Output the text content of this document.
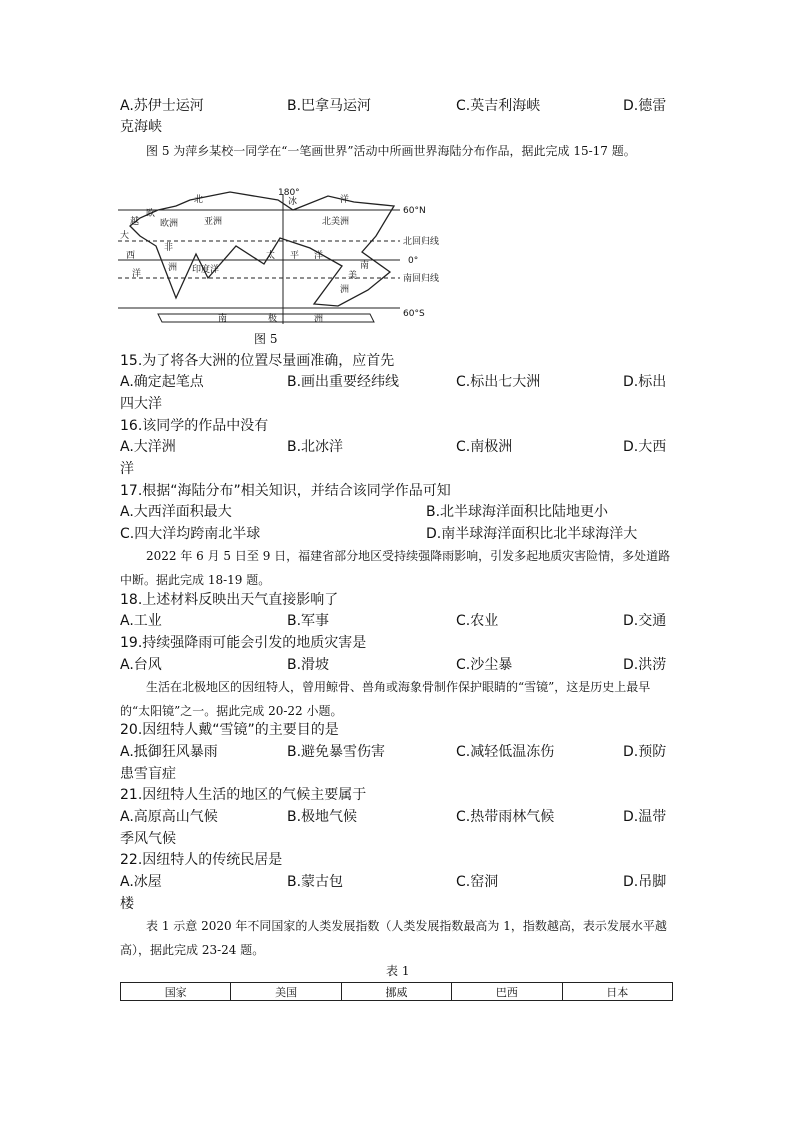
A.苏伊士运河	B.巴拿马运河	C.英吉利海峡	D.德雷
克海峡
图 5 为萍乡某校一同学在“一笔画世界”活动中所画世界海陆分布作品，据此完成 15-17 题。
180°
60°N
北回归线
0°
南回归线
60°S
北	冰	洋
欧
越 欧洲	亚洲	北美洲
大
西
洋
非
洲 印度洋
太 平 洋
南
美
洲
南	极	洲
图 5
15.为了将各大洲的位置尽量画准确，应首先
A.确定起笔点	B.画出重要经纬线	C.标出七大洲	D.标出
四大洋
16.该同学的作品中没有
A.大洋洲	B.北冰洋	C.南极洲	D.大西
洋
17.根据“海陆分布”相关知识，并结合该同学作品可知
A.大西洋面积最大	B.北半球海洋面积比陆地更小
C.四大洋均跨南北半球	D.南半球海洋面积比北半球海洋大
2022 年 6 月 5 日至 9 日，福建省部分地区受持续强降雨影响，引发多起地质灾害险情，多处道路中断。据此完成 18-19 题。
18.上述材料反映出天气直接影响了
A.工业	B.军事	C.农业	D.交通
19.持续强降雨可能会引发的地质灾害是
A.台风	B.滑坡	C.沙尘暴	D.洪涝
生活在北极地区的因纽特人，曾用鲸骨、兽角或海象骨制作保护眼睛的“雪镜”，这是历史上最早的“太阳镜”之一。据此完成 20-22 小题。
20.因纽特人戴“雪镜”的主要目的是
A.抵御狂风暴雨	B.避免暴雪伤害	C.减轻低温冻伤	D.预防
患雪盲症
21.因纽特人生活的地区的气候主要属于
A.高原高山气候	B.极地气候	C.热带雨林气候	D.温带
季风气候
22.因纽特人的传统民居是
A.冰屋	B.蒙古包	C.窑洞	D.吊脚
楼
表 1 示意 2020 年不同国家的人类发展指数（人类发展指数最高为 1，指数越高，表示发展水平越高），据此完成 23-24 题。
表 1
国家	美国	挪威	巴西	日本
